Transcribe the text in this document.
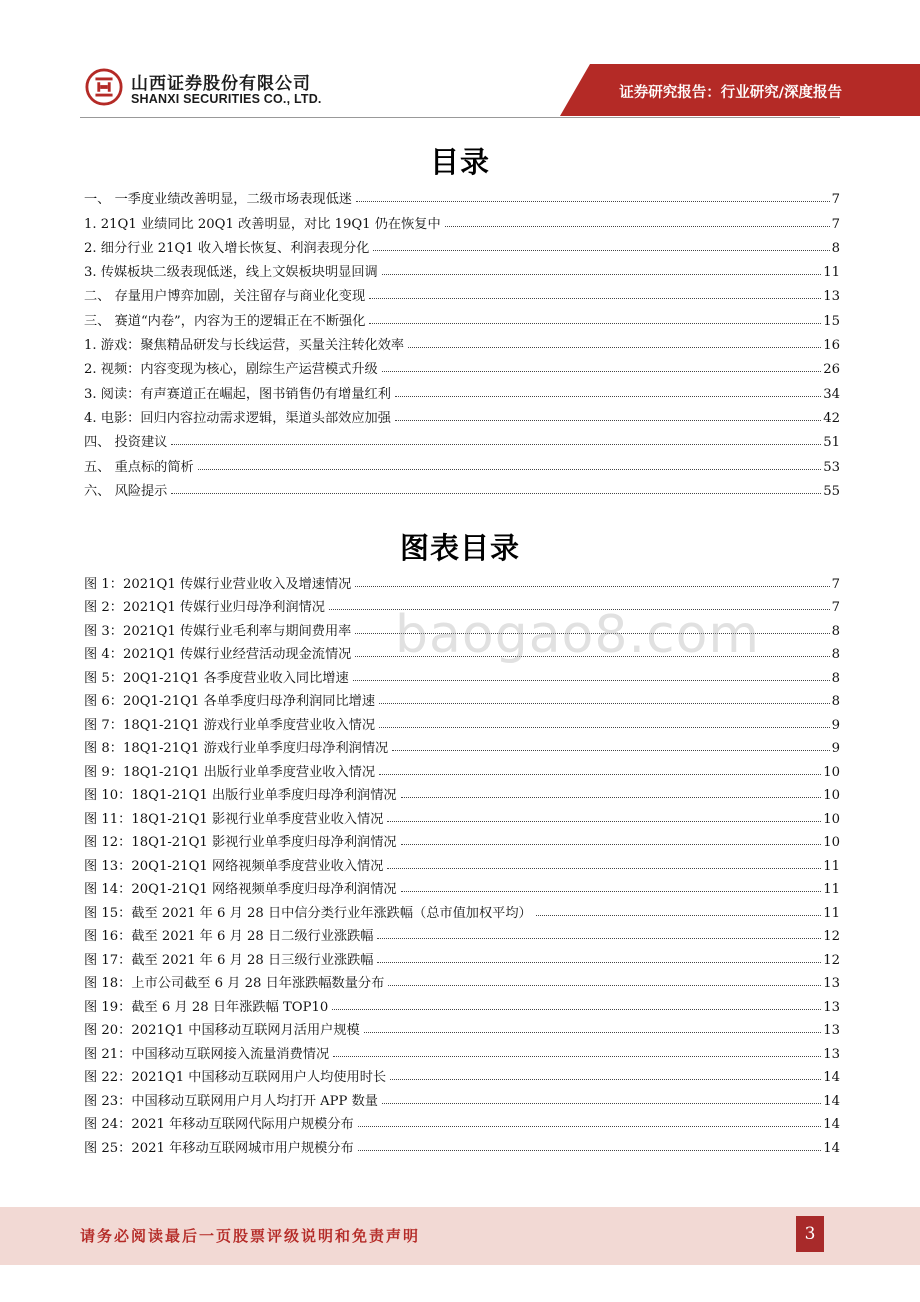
山西证券股份有限公司
SHANXI SECURITIES CO., LTD.	证券研究报告：行业研究/深度报告
目录
一、 一季度业绩改善明显，二级市场表现低迷	7
1. 21Q1 业绩同比 20Q1 改善明显，对比 19Q1 仍在恢复中	7
2. 细分行业 21Q1 收入增长恢复、利润表现分化	8
3. 传媒板块二级表现低迷，线上文娱板块明显回调	11
二、 存量用户博弈加剧，关注留存与商业化变现	13
三、 赛道“内卷”，内容为王的逻辑正在不断强化	15
1. 游戏：聚焦精品研发与长线运营，买量关注转化效率	16
2. 视频：内容变现为核心，剧综生产运营模式升级	26
3. 阅读：有声赛道正在崛起，图书销售仍有增量红利	34
4. 电影：回归内容拉动需求逻辑，渠道头部效应加强	42
四、 投资建议	51
五、 重点标的简析	53
六、 风险提示	55
图表目录
图 1：2021Q1 传媒行业营业收入及增速情况	7
图 2：2021Q1 传媒行业归母净利润情况	7
图 3：2021Q1 传媒行业毛利率与期间费用率	8
图 4：2021Q1 传媒行业经营活动现金流情况	8
图 5：20Q1-21Q1 各季度营业收入同比增速	8
图 6：20Q1-21Q1 各单季度归母净利润同比增速	8
图 7：18Q1-21Q1 游戏行业单季度营业收入情况	9
图 8：18Q1-21Q1 游戏行业单季度归母净利润情况	9
图 9：18Q1-21Q1 出版行业单季度营业收入情况	10
图 10：18Q1-21Q1 出版行业单季度归母净利润情况	10
图 11：18Q1-21Q1 影视行业单季度营业收入情况	10
图 12：18Q1-21Q1 影视行业单季度归母净利润情况	10
图 13：20Q1-21Q1 网络视频单季度营业收入情况	11
图 14：20Q1-21Q1 网络视频单季度归母净利润情况	11
图 15：截至 2021 年 6 月 28 日中信分类行业年涨跌幅（总市值加权平均）	11
图 16：截至 2021 年 6 月 28 日二级行业涨跌幅	12
图 17：截至 2021 年 6 月 28 日三级行业涨跌幅	12
图 18：上市公司截至 6 月 28 日年涨跌幅数量分布	13
图 19：截至 6 月 28 日年涨跌幅 TOP10	13
图 20：2021Q1 中国移动互联网月活用户规模	13
图 21：中国移动互联网接入流量消费情况	13
图 22：2021Q1 中国移动互联网用户人均使用时长	14
图 23：中国移动互联网用户月人均打开 APP 数量	14
图 24：2021 年移动互联网代际用户规模分布	14
图 25：2021 年移动互联网城市用户规模分布	14
baogao8.com
请务必阅读最后一页股票评级说明和免责声明	3
